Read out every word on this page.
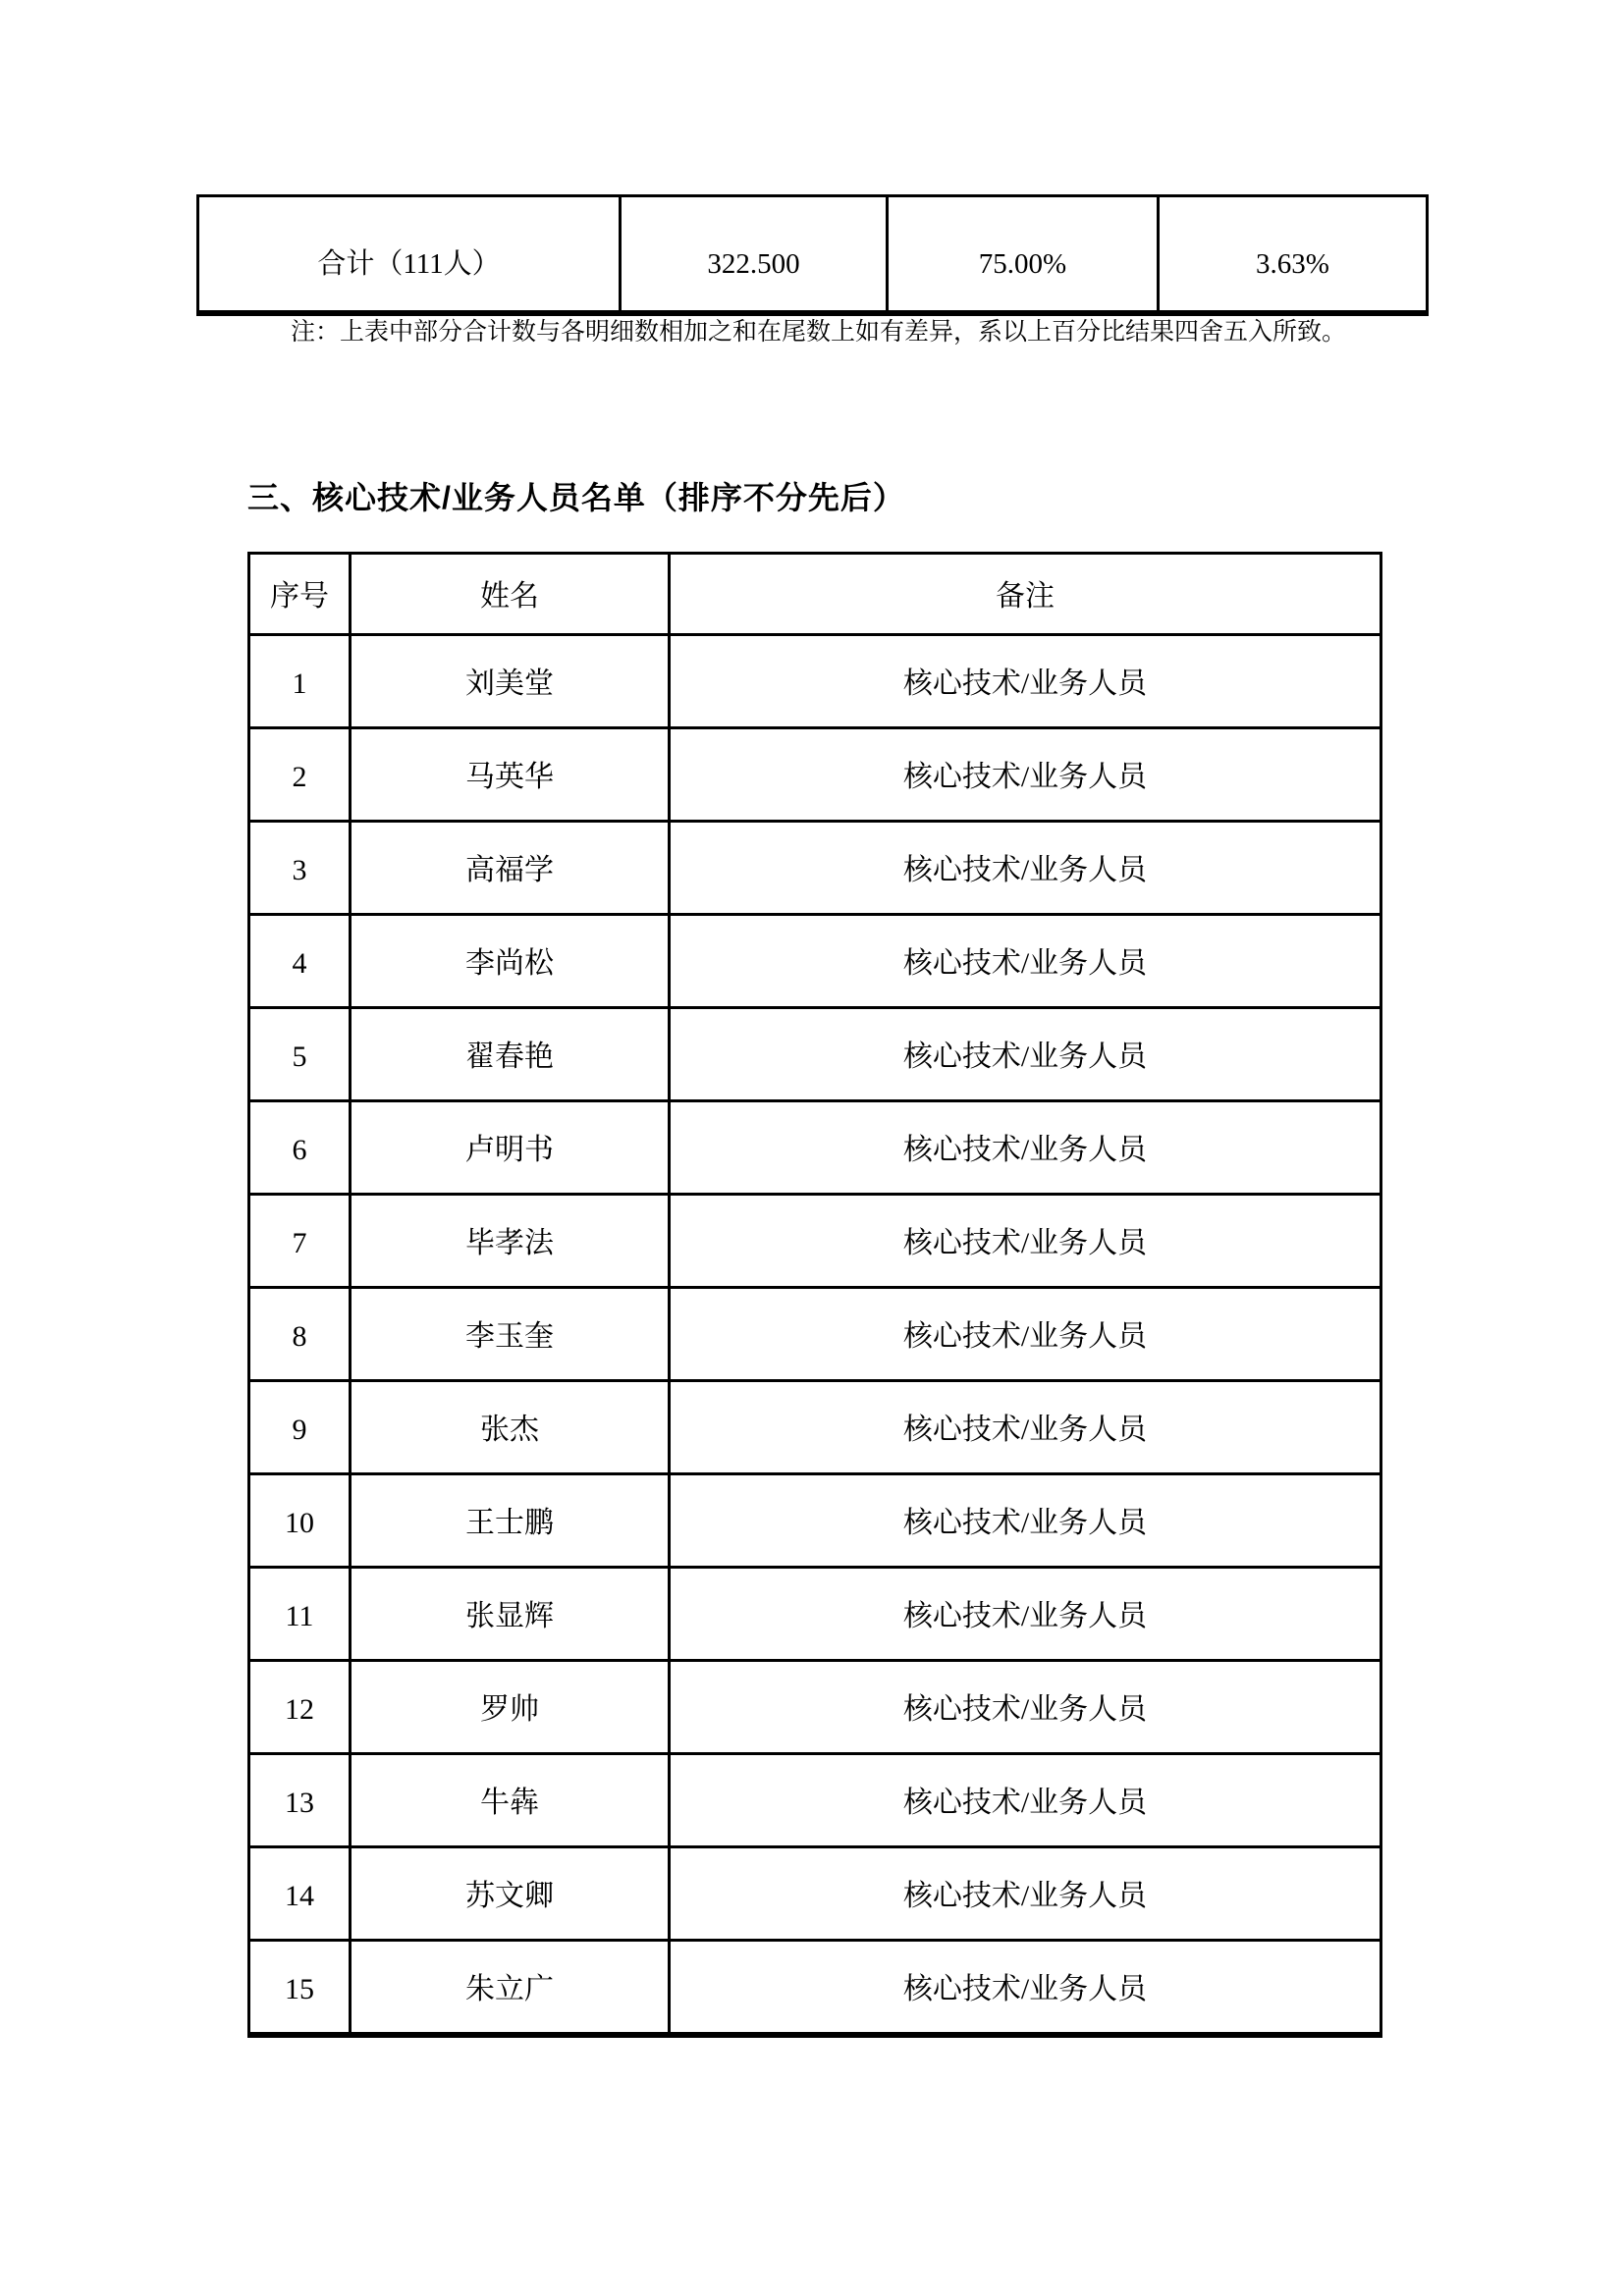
合计（111人）	322.500	75.00%	3.63%
注：上表中部分合计数与各明细数相加之和在尾数上如有差异，系以上百分比结果四舍五入所致。
三、核心技术/业务人员名单（排序不分先后）
序号	姓名	备注
1	刘美堂	核心技术/业务人员
2	马英华	核心技术/业务人员
3	高福学	核心技术/业务人员
4	李尚松	核心技术/业务人员
5	翟春艳	核心技术/业务人员
6	卢明书	核心技术/业务人员
7	毕孝法	核心技术/业务人员
8	李玉奎	核心技术/业务人员
9	张杰	核心技术/业务人员
10	王士鹏	核心技术/业务人员
11	张显辉	核心技术/业务人员
12	罗帅	核心技术/业务人员
13	牛犇	核心技术/业务人员
14	苏文卿	核心技术/业务人员
15	朱立广	核心技术/业务人员
